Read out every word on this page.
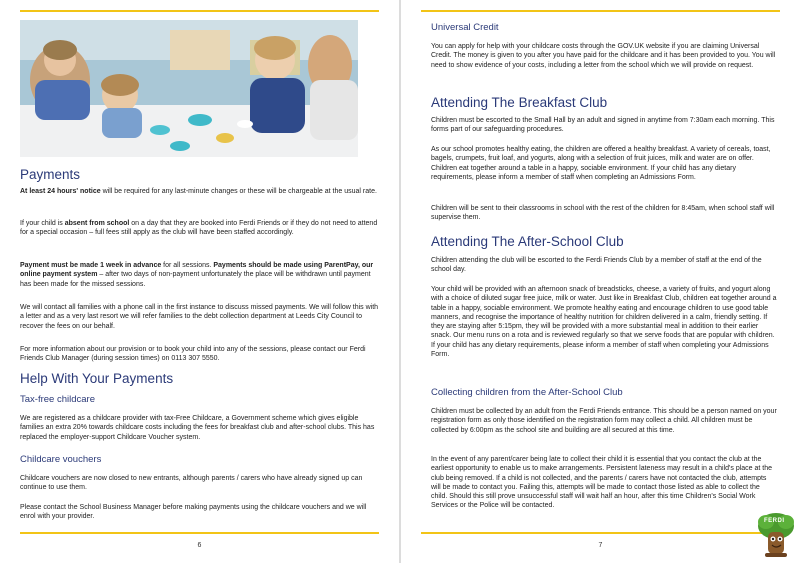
Payments

At least 24 hours' notice will be required for any last-minute changes or these will be chargeable at the usual rate.

If your child is absent from school on a day that they are booked into Ferdi Friends or if they do not need to attend for a special occasion – full fees still apply as the club will have been staffed accordingly.

Payment must be made 1 week in advance for all sessions. Payments should be made using ParentPay, our online payment system – after two days of non-payment unfortunately the place will be withdrawn until payment has been made for the missed sessions.

We will contact all families with a phone call in the first instance to discuss missed payments. We will follow this with a letter and as a very last resort we will refer families to the debt collection department at Leeds City Council to recover the fees on our behalf.

For more information about our provision or to book your child into any of the sessions, please contact our Ferdi Friends Club Manager (during session times) on 0113 307 5550.

Help With Your Payments
Tax-free childcare

We are registered as a childcare provider with tax-Free Childcare, a Government scheme which gives eligible families an extra 20% towards childcare costs including the fees for breakfast club and after-school clubs. This has replaced the employer-support Childcare Voucher system.

Childcare vouchers

Childcare vouchers are now closed to new entrants, although parents / carers who have already signed up can continue to use them.

Please contact the School Business Manager before making payments using the childcare vouchers and we will enrol with your provider.

6
Universal Credit

You can apply for help with your childcare costs through the GOV.UK website if you are claiming Universal Credit. The money is given to you after you have paid for the childcare and it has been provided to you. You will need to show evidence of your costs, including a letter from the school which we will provide on request.

Attending The Breakfast Club

Children must be escorted to the Small Hall by an adult and signed in anytime from 7:30am each morning. This forms part of our safeguarding procedures.

As our school promotes healthy eating, the children are offered a healthy breakfast. A variety of cereals, toast, bagels, crumpets, fruit loaf, and yogurts, along with a selection of fruit juices, milk and water are on offer. Children eat together around a table in a happy, sociable environment. If your child has any dietary requirements, please inform a member of staff when completing an Admissions Form.

Children will be sent to their classrooms in school with the rest of the children for 8:45am, when school staff will supervise them.

Attending The After-School Club

Children attending the club will be escorted to the Ferdi Friends Club by a member of staff at the end of the school day.

Your child will be provided with an afternoon snack of breadsticks, cheese, a variety of fruits, and yogurt along with a choice of diluted sugar free juice, milk or water. Just like in Breakfast Club, children eat together around a table in a happy, sociable environment. We promote healthy eating and encourage children to use good table manners, and recognise the importance of healthy nutrition for children delivered in a calm, friendly setting. If they are staying after 5:15pm, they will be provided with a more substantial meal in addition to their earlier snack. Our menu runs on a rota and is reviewed regularly so that we serve foods that are popular with children. If your child has any dietary requirements, please inform a member of staff when completing your Admissions Form.

Collecting children from the After-School Club

Children must be collected by an adult from the Ferdi Friends entrance. This should be a person named on your registration form as only those identified on the registration form may collect a child. All children must be collected by 6:00pm as the school site and building are all secured at this time.

In the event of any parent/carer being late to collect their child it is essential that you contact the club at the earliest opportunity to enable us to make arrangements. Persistent lateness may result in a child's place at the club being removed. If a child is not collected, and the parents / carers have not contacted the club, attempts will be made to contact you. Failing this, attempts will be made to contact those listed as able to collect the child. Should this still prove unsuccessful staff will wait half an hour, after this time Children's Social Work Services or the Police will be contacted.

7
FERDI
